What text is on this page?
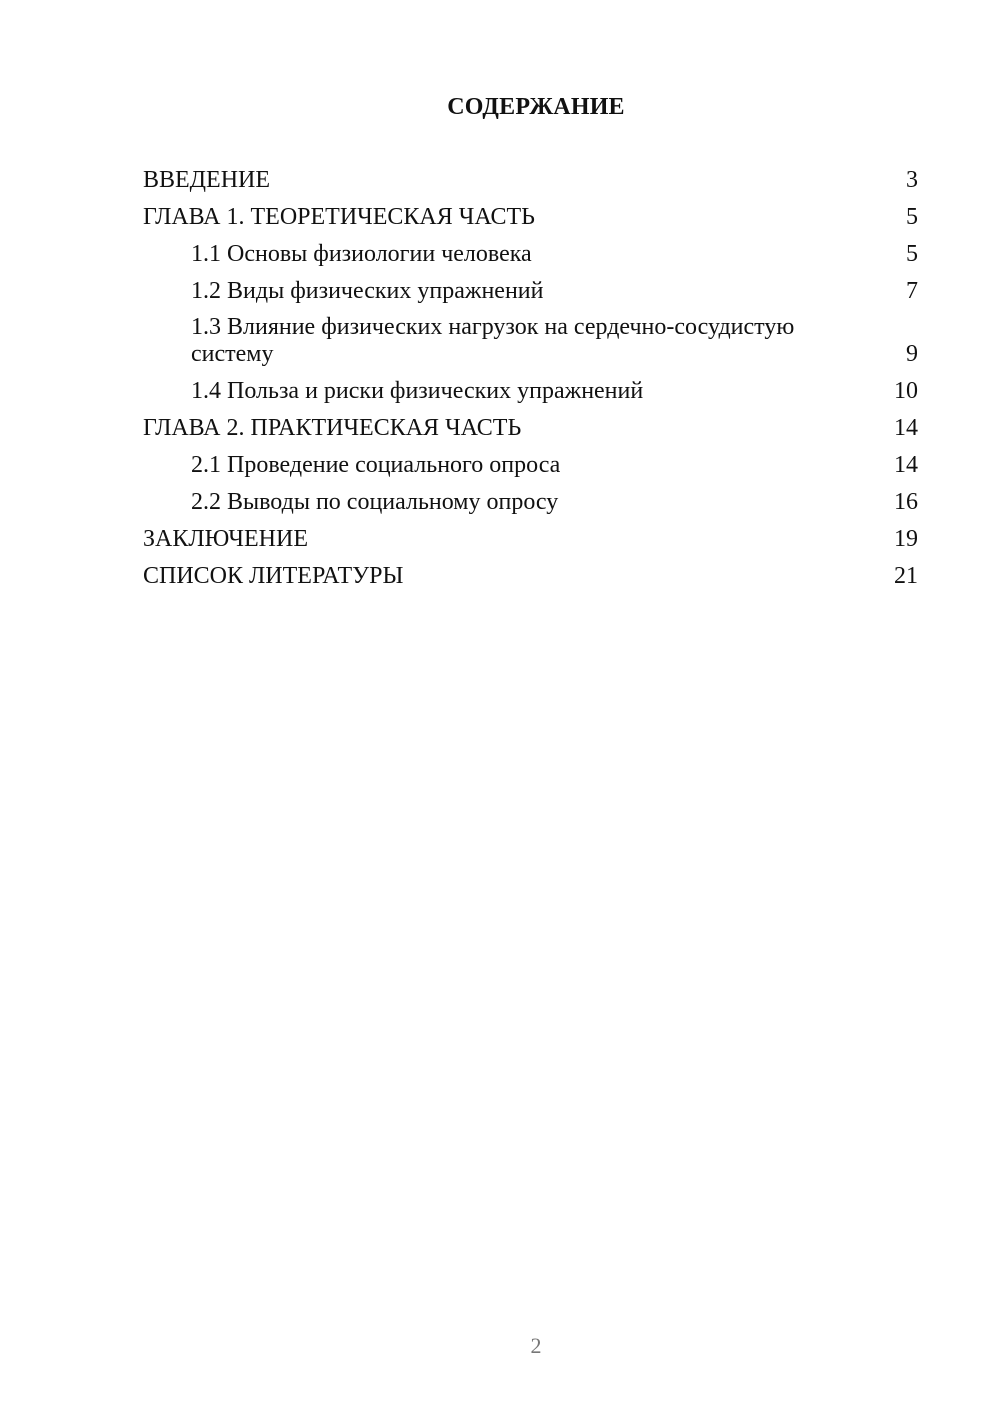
СОДЕРЖАНИЕ
ВВЕДЕНИЕ	3
ГЛАВА 1. ТЕОРЕТИЧЕСКАЯ ЧАСТЬ	5
1.1 Основы физиологии человека	5
1.2 Виды физических упражнений	7
1.3 Влияние физических нагрузок на сердечно-сосудистую систему	9
1.4 Польза и риски физических упражнений	10
ГЛАВА 2. ПРАКТИЧЕСКАЯ ЧАСТЬ	14
2.1 Проведение социального опроса	14
2.2 Выводы по социальному опросу	16
ЗАКЛЮЧЕНИЕ	19
СПИСОК ЛИТЕРАТУРЫ	21
2
